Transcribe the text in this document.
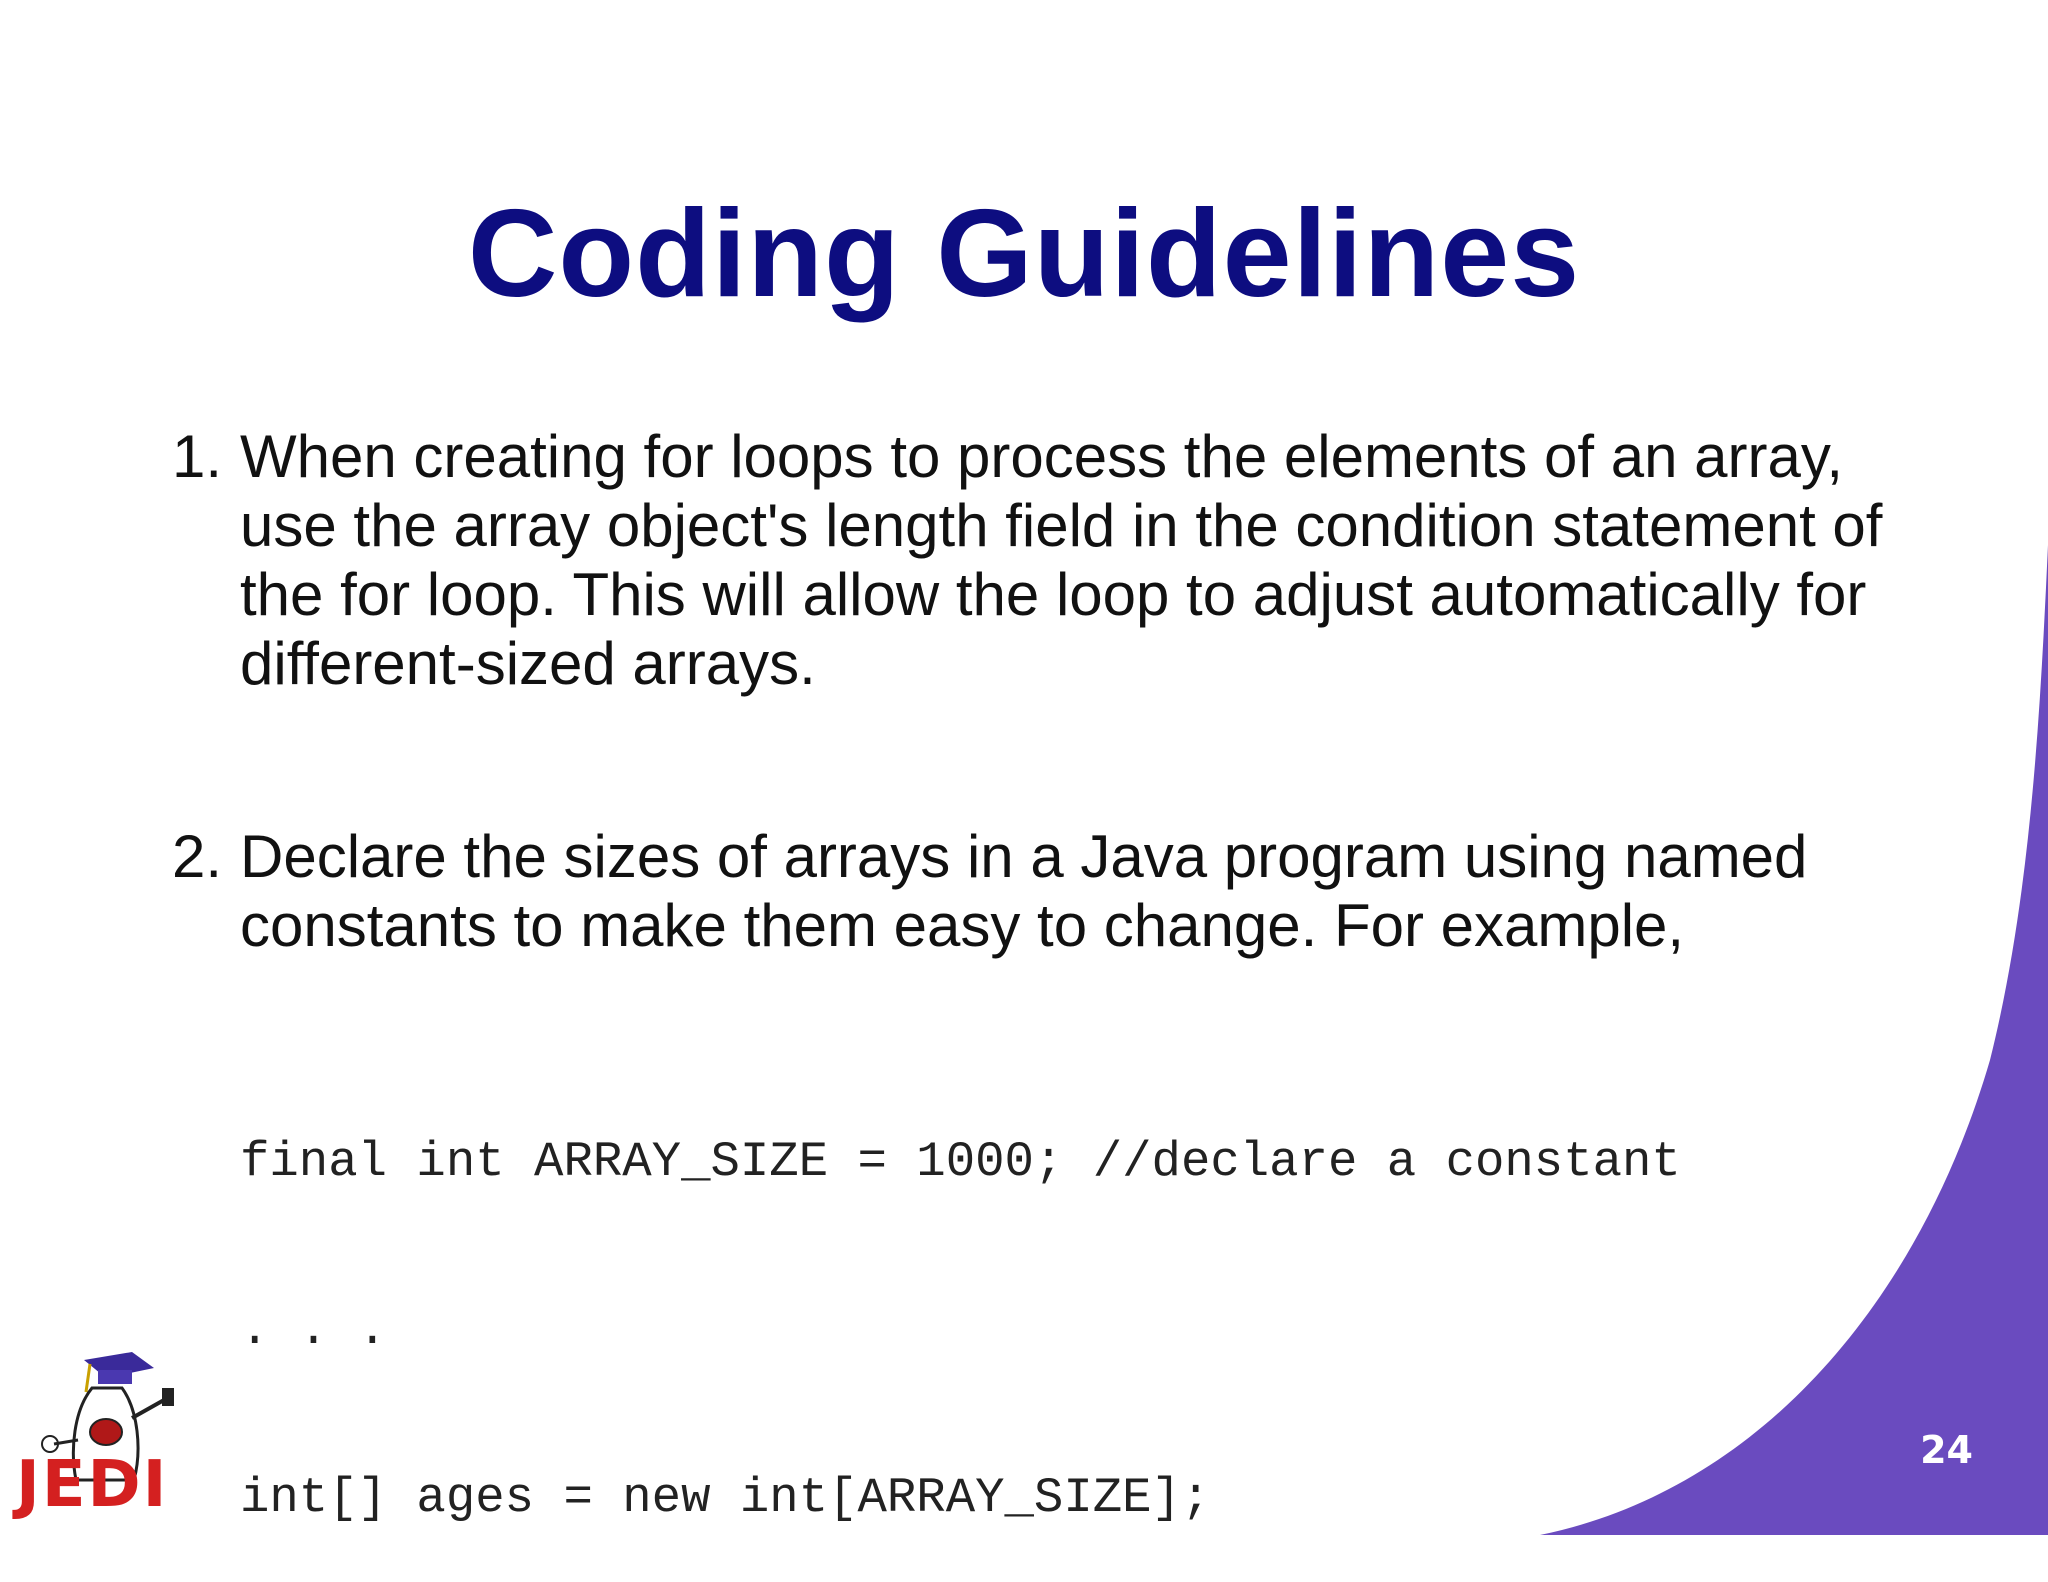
Coding Guidelines
1. When creating for loops to process the elements of an array, use the array object's length field in the condition statement of the for loop. This will allow the loop to adjust automatically for different-sized arrays.
2. Declare the sizes of arrays in a Java program using named constants to make them easy to change. For example,

final int ARRAY_SIZE = 1000; //declare a constant

. . .

int[] ages = new int[ARRAY_SIZE];

24
JEDI
